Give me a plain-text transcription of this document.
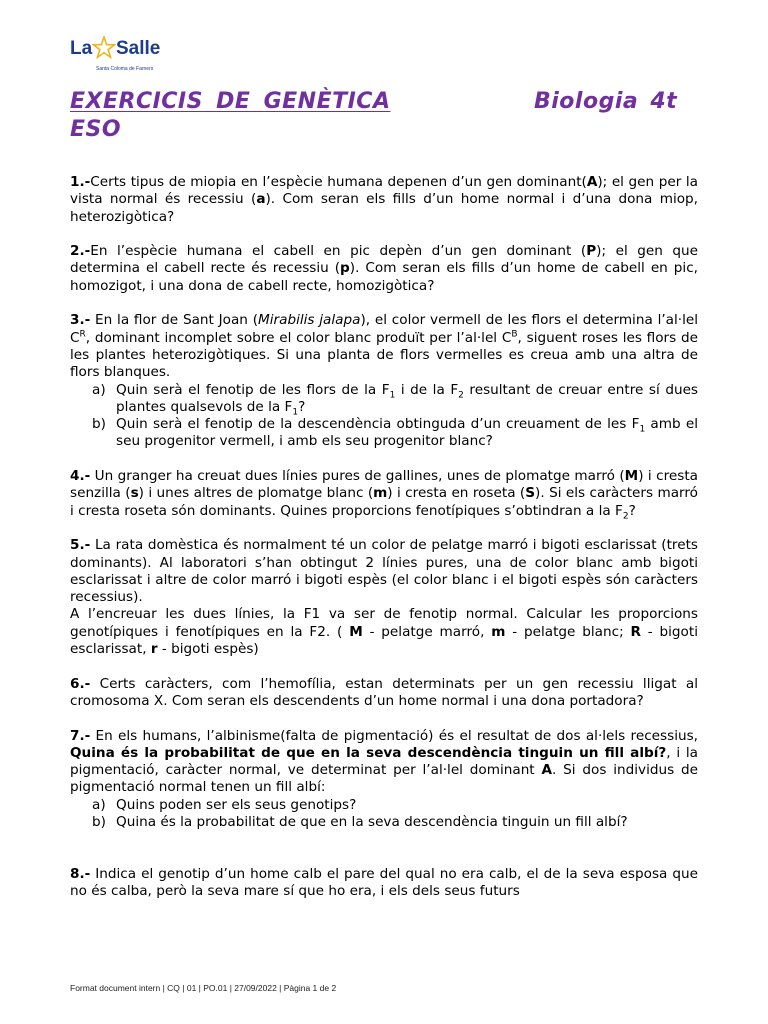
La Salle
Santa Coloma de Farners
EXERCICIS DE GENÈTICA	Biologia 4t
ESO

1.-Certs tipus de miopia en l’espècie humana depenen d’un gen dominant(A); el gen per la vista normal és recessiu (a). Com seran els fills d’un home normal i d’una dona miop, heterozigòtica?

2.-En l’espècie humana el cabell en pic depèn d’un gen dominant (P); el gen que determina el cabell recte és recessiu (p). Com seran els fills d’un home de cabell en pic, homozigot, i una dona de cabell recte, homozigòtica?

3.- En la flor de Sant Joan (Mirabilis jalapa), el color vermell de les flors el determina l’al·lel $C^R$, dominant incomplet sobre el color blanc produït per l’al·lel $C^B$, siguent roses les flors de les plantes heterozigòtiques. Si una planta de flors vermelles es creua amb una altra de flors blanques.

a) Quin serà el fenotip de les flors de la $F_1$ i de la $F_2$ resultant de creuar entre sí dues plantes qualsevols de la $F_1$?
b) Quin serà el fenotip de la descendència obtinguda d’un creuament de les $F_1$ amb el seu progenitor vermell, i amb els seu progenitor blanc?

4.- Un granger ha creuat dues línies pures de gallines, unes de plomatge marró (M) i cresta senzilla (s) i unes altres de plomatge blanc (m) i cresta en roseta (S). Si els caràcters marró i cresta roseta són dominants. Quines proporcions fenotípiques s’obtindran a la $F_2$?

5.- La rata domèstica és normalment té un color de pelatge marró i bigoti esclarissat (trets dominants). Al laboratori s’han obtingut 2 línies pures, una de color blanc amb bigoti esclarissat i altre de color marró i bigoti espès (el color blanc i el bigoti espès són caràcters recessius).

A l’encreuar les dues línies, la F1 va ser de fenotip normal. Calcular les proporcions genotípiques i fenotípiques en la F2. ( M - pelatge marró, m - pelatge blanc; R - bigoti esclarissat, r - bigoti espès)

6.- Certs caràcters, com l’hemofília, estan determinats per un gen recessiu lligat al cromosoma X. Com seran els descendents d’un home normal i una dona portadora?

7.- En els humans, l’albinisme(falta de pigmentació) és el resultat de dos al·lels recessius, Quina és la probabilitat de que en la seva descendència tinguin un fill albí?, i la pigmentació, caràcter normal, ve determinat per l’al·lel dominant A. Si dos individus de pigmentació normal tenen un fill albí:

a) Quins poden ser els seus genotips?
b) Quina és la probabilitat de que en la seva descendència tinguin un fill albí?

8.- Indica el genotip d’un home calb el pare del qual no era calb, el de la seva esposa que no és calba, però la seva mare sí que ho era, i els dels seus futurs

Format document intern | CQ | 01 | PO.01 | 27/09/2022 | Pàgina 1 de 2
